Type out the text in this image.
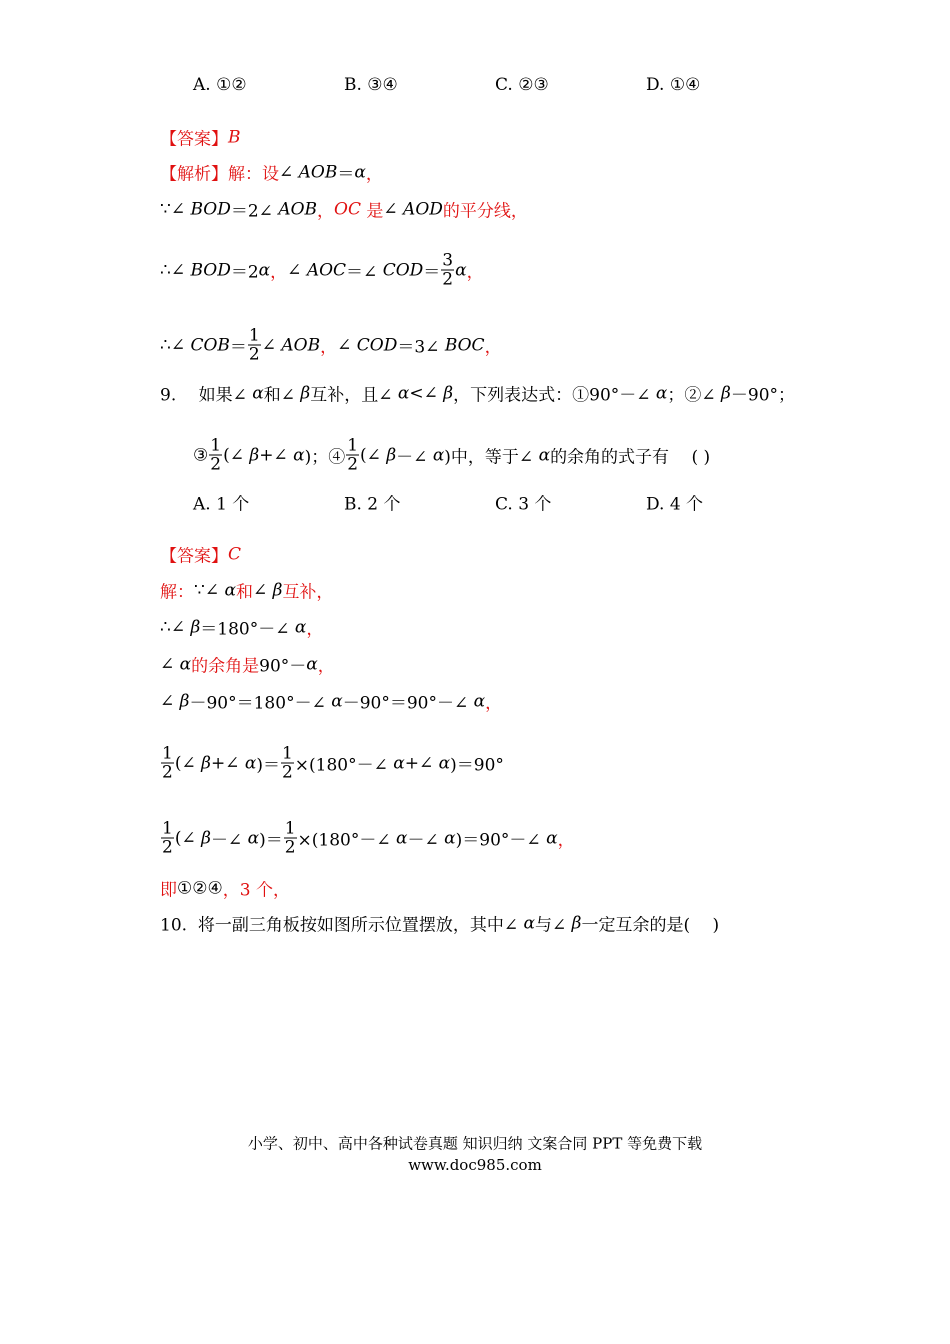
A. ①②	B. ③④	C. ②③	D. ①④
A. 1 个	B. 2 个	C. 3 个	D. 4 个
【答案】 B
【解析】解：设 ∠ AOB ＝ α ，
∵∠ BOD ＝2∠ AOB ， OC 是 ∠ AOD 的平分线，
∴∠ BOD ＝2 α ， ∠ AOC ＝∠ COD ＝ $\frac{3}{2}$ α ，
∴∠ COB ＝ $\frac{1}{2}$ ∠ AOB ， ∠ COD ＝3∠ BOC ，
9.　 如果∠ α 和∠ β 互补，且∠ α <∠ β ，下列表达式：①90°－∠ α ；②∠ β －90°；
③ $\frac{1}{2}$ (∠ β +∠ α )；④ $\frac{1}{2}$ (∠ β －∠ α )中，等于∠ α 的余角的式子有　 ( )
【答案】 C
解： ∵∠ α 和 ∠ β 互补，
∴∠ β ＝180°－∠ α ，
∠ α 的余角是 90°－ α ，
∠ β －90°＝180°－∠ α －90°＝90°－∠ α ，
$\frac{1}{2}$ (∠ β +∠ α )＝ $\frac{1}{2}$ ×(180°－∠ α +∠ α )＝90°
$\frac{1}{2}$ (∠ β －∠ α )＝ $\frac{1}{2}$ ×(180°－∠ α －∠ α )＝90°－∠ α ，
即 ①②④ ，3 个，
10.  将一副三角板按如图所示位置摆放，其中∠ α 与∠ β 一定互余的是(　 )
小学、初中、高中各种试卷真题 知识归纳 文案合同 PPT 等免费下载
www.doc985.com
